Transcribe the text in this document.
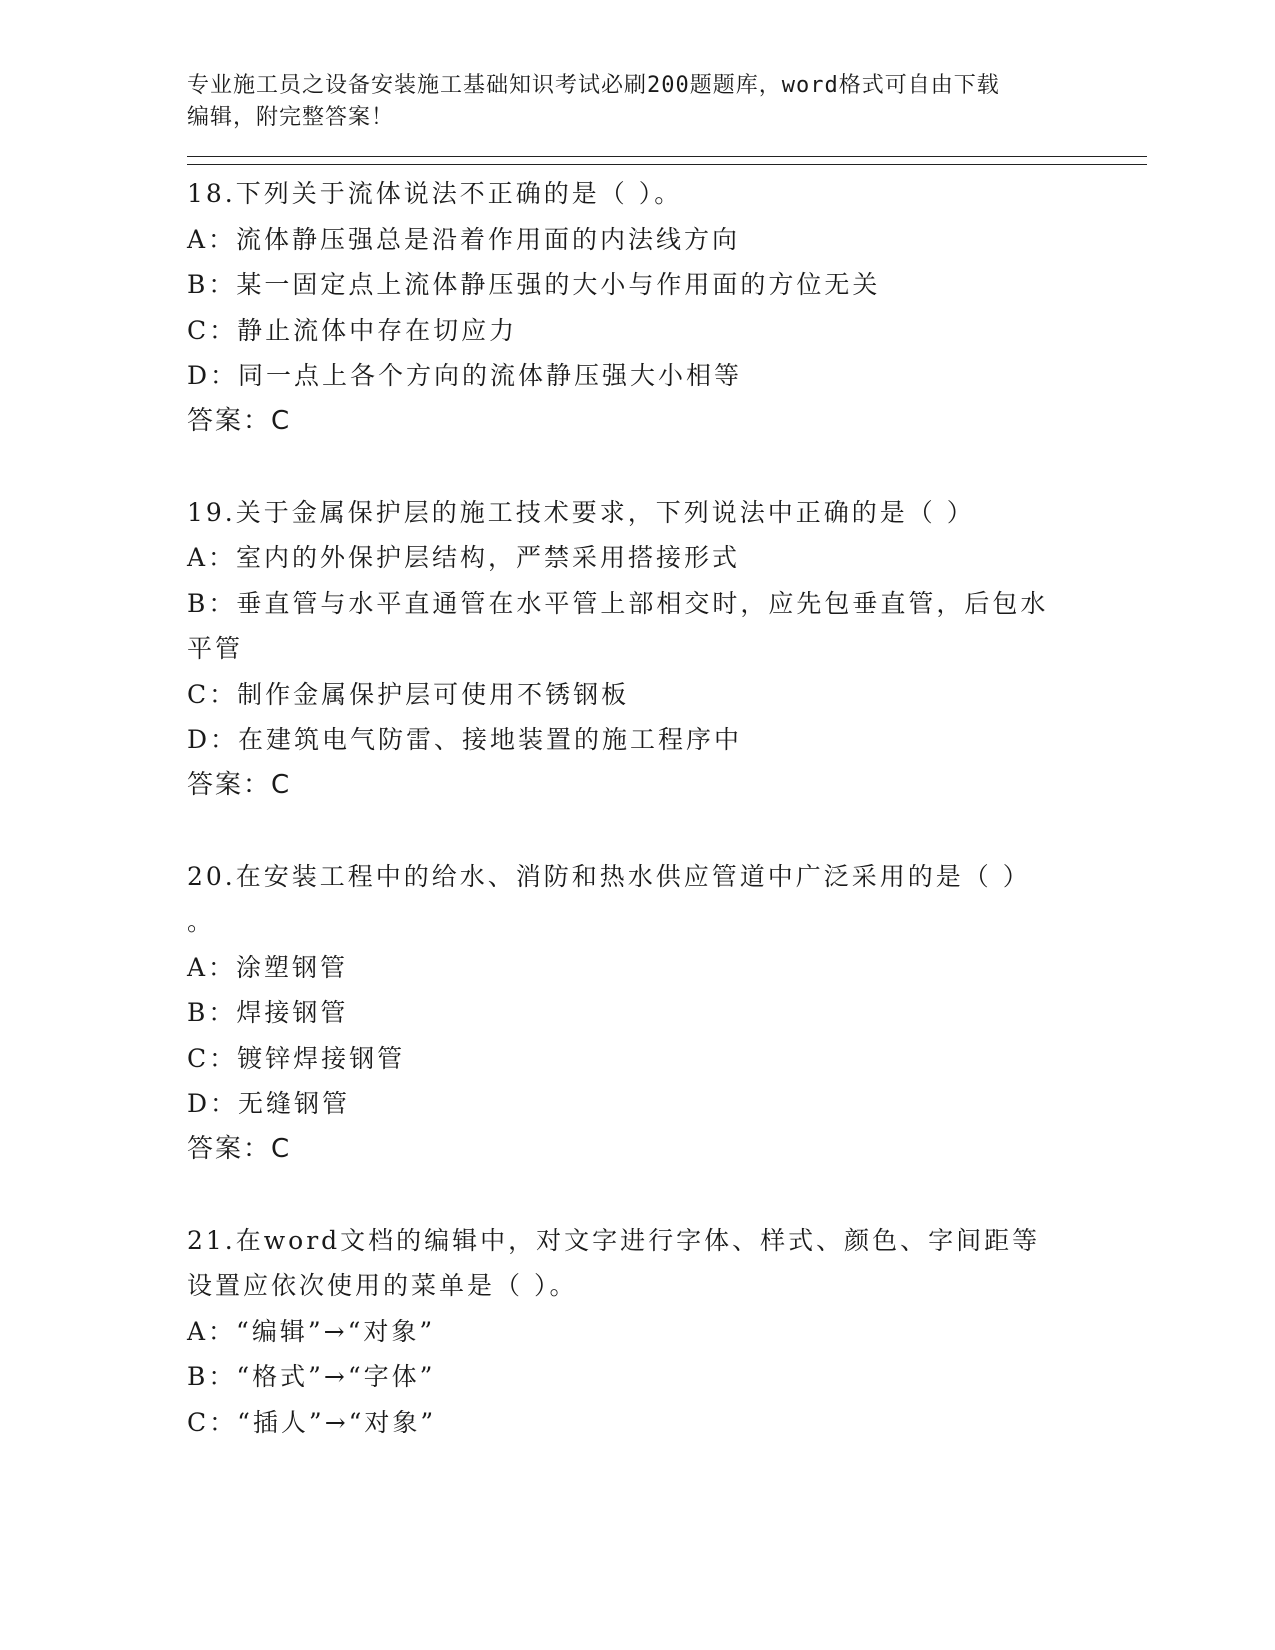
专业施工员之设备安装施工基础知识考试必刷200题题库，word格式可自由下载
编辑，附完整答案！
18.下列关于流体说法不正确的是（ ）。
A：流体静压强总是沿着作用面的内法线方向
B：某一固定点上流体静压强的大小与作用面的方位无关
C：静止流体中存在切应力
D：同一点上各个方向的流体静压强大小相等
答案：C
19.关于金属保护层的施工技术要求，下列说法中正确的是（ ）
A：室内的外保护层结构，严禁采用搭接形式
B：垂直管与水平直通管在水平管上部相交时，应先包垂直管，后包水平管
C：制作金属保护层可使用不锈钢板
D：在建筑电气防雷、接地装置的施工程序中
答案：C
20.在安装工程中的给水、消防和热水供应管道中广泛采用的是（ ）
。
A：涂塑钢管
B：焊接钢管
C：镀锌焊接钢管
D：无缝钢管
答案：C
21.在word文档的编辑中，对文字进行字体、样式、颜色、字间距等设置应依次使用的菜单是（ ）。
A：“编辑”→“对象”
B：“格式”→“字体”
C：“插人”→“对象”
